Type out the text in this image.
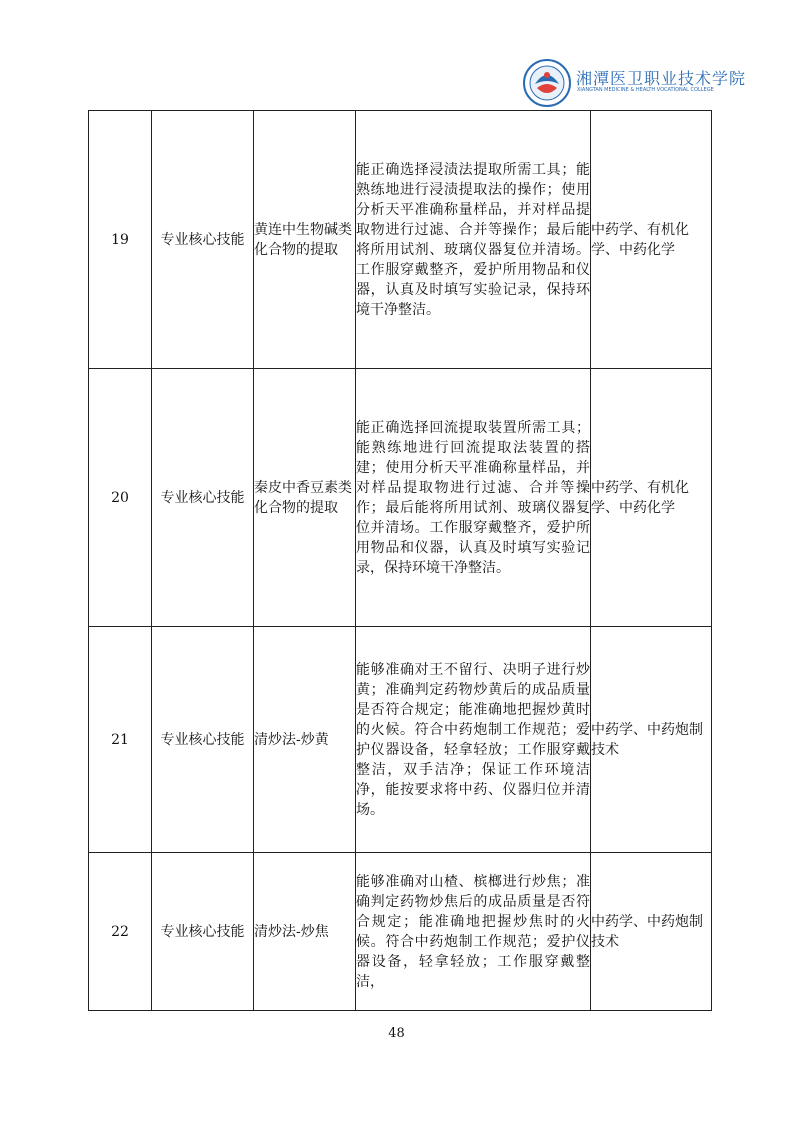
湘潭医卫职业技术学院
XIANGTAN MEDICINE & HEALTH VOCATIONAL COLLEGE
19	专业核心技能	黄连中生物碱类化合物的提取	能正确选择浸渍法提取所需工具；能熟练地进行浸渍提取法的操作；使用分析天平准确称量样品，并对样品提取物进行过滤、合并等操作；最后能将所用试剂、玻璃仪器复位并清场。工作服穿戴整齐，爱护所用物品和仪器，认真及时填写实验记录，保持环境干净整洁。	中药学、有机化学、中药化学
20	专业核心技能	秦皮中香豆素类化合物的提取	能正确选择回流提取装置所需工具；能熟练地进行回流提取法装置的搭建；使用分析天平准确称量样品，并对样品提取物进行过滤、合并等操作；最后能将所用试剂、玻璃仪器复位并清场。工作服穿戴整齐，爱护所用物品和仪器，认真及时填写实验记录，保持环境干净整洁。	中药学、有机化学、中药化学
21	专业核心技能	清炒法-炒黄	能够准确对王不留行、决明子进行炒黄；准确判定药物炒黄后的成品质量是否符合规定；能准确地把握炒黄时的火候。符合中药炮制工作规范；爱护仪器设备，轻拿轻放；工作服穿戴整洁，双手洁净；保证工作环境洁净，能按要求将中药、仪器归位并清场。	中药学、中药炮制技术
22	专业核心技能	清炒法-炒焦	能够准确对山楂、槟榔进行炒焦；准确判定药物炒焦后的成品质量是否符合规定；能准确地把握炒焦时的火候。符合中药炮制工作规范；爱护仪器设备，轻拿轻放；工作服穿戴整洁，	中药学、中药炮制技术
48
